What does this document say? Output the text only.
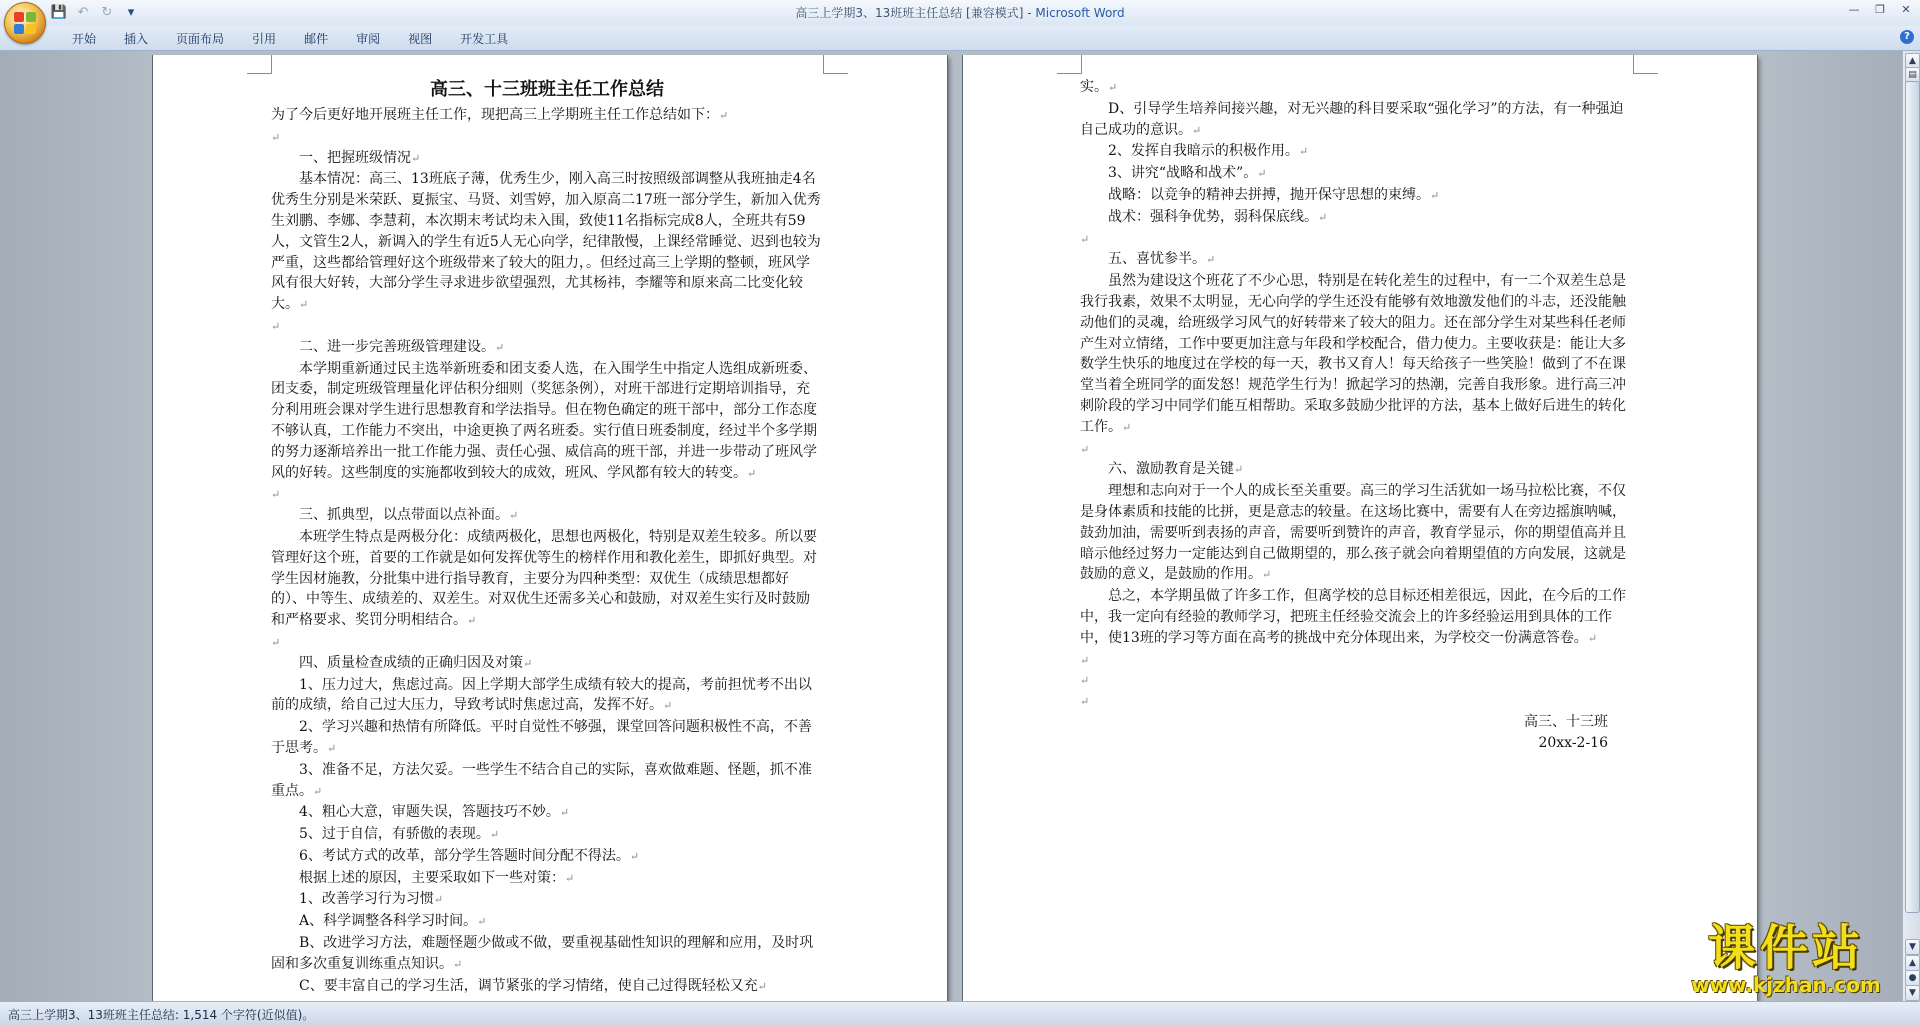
💾 ↶ ↻	▾	高三上学期3、13班班主任总结 [兼容模式] - Microsoft Word	— ❐	✕
开始	插入	页面布局	引用	邮件	审阅	视图	开发工具	?
高三、十三班班主任工作总结

为了今后更好地开展班主任工作，现把高三上学期班主任工作总结如下：↵

↵

一、把握班级情况↵

基本情况：高三、13班底子薄，优秀生少，刚入高三时按照级部调整从我班抽走4名优秀生分别是米荣跃、夏振宝、马贤、刘雪婷，加入原高二17班一部分学生，新加入优秀生刘鹏、李娜、李慧莉，本次期末考试均未入围，致使11名指标完成8人，全班共有59人，文管生2人，新调入的学生有近5人无心向学，纪律散慢，上课经常睡觉、迟到也较为严重，这些都给管理好这个班级带来了较大的阻力，。但经过高三上学期的整顿，班风学风有很大好转，大部分学生寻求进步欲望强烈，尤其杨祎，李耀等和原来高二比变化较大。↵

↵

二、进一步完善班级管理建设。↵

本学期重新通过民主选举新班委和团支委人选，在入围学生中指定人选组成新班委、团支委，制定班级管理量化评估积分细则（奖惩条例），对班干部进行定期培训指导，充分利用班会课对学生进行思想教育和学法指导。但在物色确定的班干部中，部分工作态度不够认真，工作能力不突出，中途更换了两名班委。实行值日班委制度，经过半个多学期的努力逐渐培养出一批工作能力强、责任心强、威信高的班干部，并进一步带动了班风学风的好转。这些制度的实施都收到较大的成效，班风、学风都有较大的转变。↵

↵

三、抓典型，以点带面以点补面。↵

本班学生特点是两极分化：成绩两极化，思想也两极化，特别是双差生较多。所以要管理好这个班，首要的工作就是如何发挥优等生的榜样作用和教化差生，即抓好典型。对学生因材施教，分批集中进行指导教育，主要分为四种类型：双优生（成绩思想都好的）、中等生、成绩差的、双差生。对双优生还需多关心和鼓励，对双差生实行及时鼓励和严格要求、奖罚分明相结合。↵

↵

四、质量检查成绩的正确归因及对策↵

1、压力过大，焦虑过高。因上学期大部学生成绩有较大的提高，考前担忧考不出以前的成绩，给自己过大压力，导致考试时焦虑过高，发挥不好。↵

2、学习兴趣和热情有所降低。平时自觉性不够强，课堂回答问题积极性不高，不善于思考。↵

3、准备不足，方法欠妥。一些学生不结合自己的实际，喜欢做难题、怪题，抓不准重点。↵

4、粗心大意，审题失误，答题技巧不妙。↵

5、过于自信，有骄傲的表现。↵

6、考试方式的改革，部分学生答题时间分配不得法。↵

根据上述的原因，主要采取如下一些对策：↵

1、改善学习行为习惯↵

A、科学调整各科学习时间。↵

B、改进学习方法，难题怪题少做或不做，要重视基础性知识的理解和应用，及时巩固和多次重复训练重点知识。↵

C、要丰富自己的学习生活，调节紧张的学习情绪，使自己过得既轻松又充↵

实。↵

D、引导学生培养间接兴趣，对无兴趣的科目要采取“强化学习”的方法，有一种强迫自己成功的意识。↵

2、发挥自我暗示的积极作用。↵

3、讲究“战略和战术”。↵

战略：以竞争的精神去拼搏，抛开保守思想的束缚。↵

战术：强科争优势，弱科保底线。↵

↵

五、喜忧参半。↵

虽然为建设这个班花了不少心思，特别是在转化差生的过程中，有一二个双差生总是我行我素，效果不太明显，无心向学的学生还没有能够有效地激发他们的斗志，还没能触动他们的灵魂，给班级学习风气的好转带来了较大的阻力。还在部分学生对某些科任老师产生对立情绪，工作中要更加注意与年段和学校配合，借力使力。主要收获是：能让大多数学生快乐的地度过在学校的每一天，教书又育人！每天给孩子一些笑脸！做到了不在课堂当着全班同学的面发怒！规范学生行为！掀起学习的热潮，完善自我形象。进行高三冲刺阶段的学习中同学们能互相帮助。采取多鼓励少批评的方法，基本上做好后进生的转化工作。↵

↵

六、激励教育是关键↵

理想和志向对于一个人的成长至关重要。高三的学习生活犹如一场马拉松比赛，不仅是身体素质和技能的比拼，更是意志的较量。在这场比赛中，需要有人在旁边摇旗呐喊，鼓劲加油，需要听到表扬的声音，需要听到赞许的声音，教育学显示，你的期望值高并且暗示他经过努力一定能达到自己做期望的，那么孩子就会向着期望值的方向发展，这就是鼓励的意义，是鼓励的作用。↵

总之，本学期虽做了许多工作，但离学校的总目标还相差很远，因此，在今后的工作中，我一定向有经验的教师学习，把班主任经验交流会上的许多经验运用到具体的工作中，使13班的学习等方面在高考的挑战中充分体现出来，为学校交一份满意答卷。↵

↵

↵

↵

高三、十三班

20xx-2-16

▲
▤
▼
▲
●
▼
高三上学期3、13班班主任总结: 1,514 个字符(近似值)。
课件站
www.kjzhan.com
